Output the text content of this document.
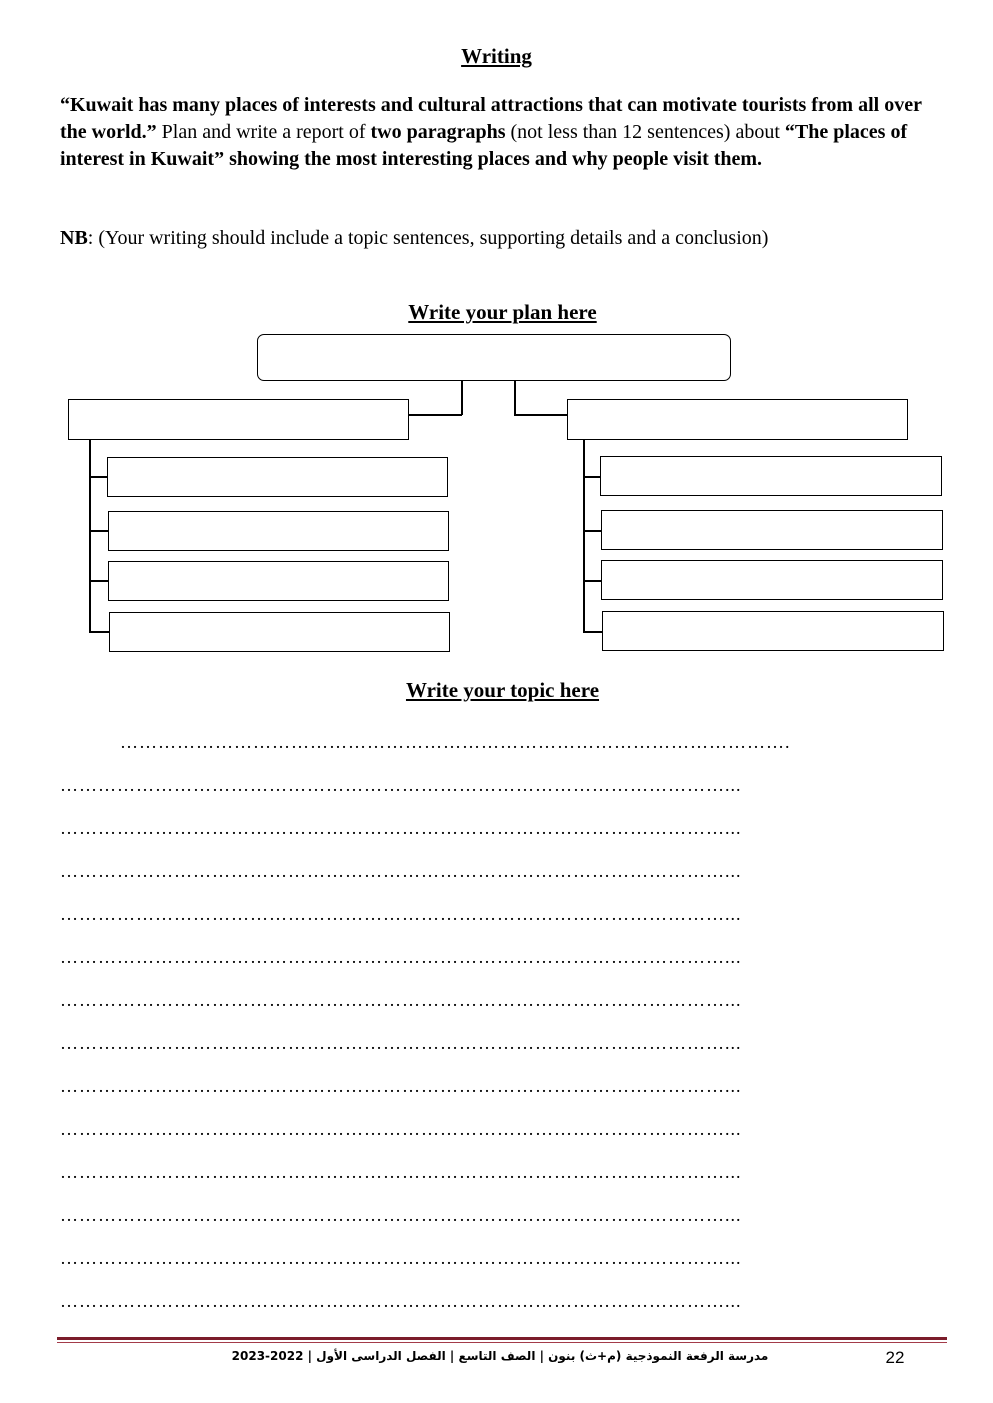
Writing
“Kuwait has many places of interests and cultural attractions that can motivate tourists from all over the world.” Plan and write a report of two paragraphs (not less than 12 sentences) about “The places of interest in Kuwait” showing the most interesting places and why people visit them.
NB: (Your writing should include a topic sentences, supporting details and a conclusion)
Write your plan here
Write your topic here
…………………………………………………………………………………………….
……………………………………………………………………………………………...
……………………………………………………………………………………………...
……………………………………………………………………………………………...
……………………………………………………………………………………………...
……………………………………………………………………………………………...
……………………………………………………………………………………………...
……………………………………………………………………………………………...
……………………………………………………………………………………………...
……………………………………………………………………………………………...
……………………………………………………………………………………………...
……………………………………………………………………………………………...
……………………………………………………………………………………………...
……………………………………………………………………………………………...
مدرسة الرفعة النموذجية (م+ث) بنون | الصف التاسع | الفصل الدراسى الأول | 2022-2023	22
